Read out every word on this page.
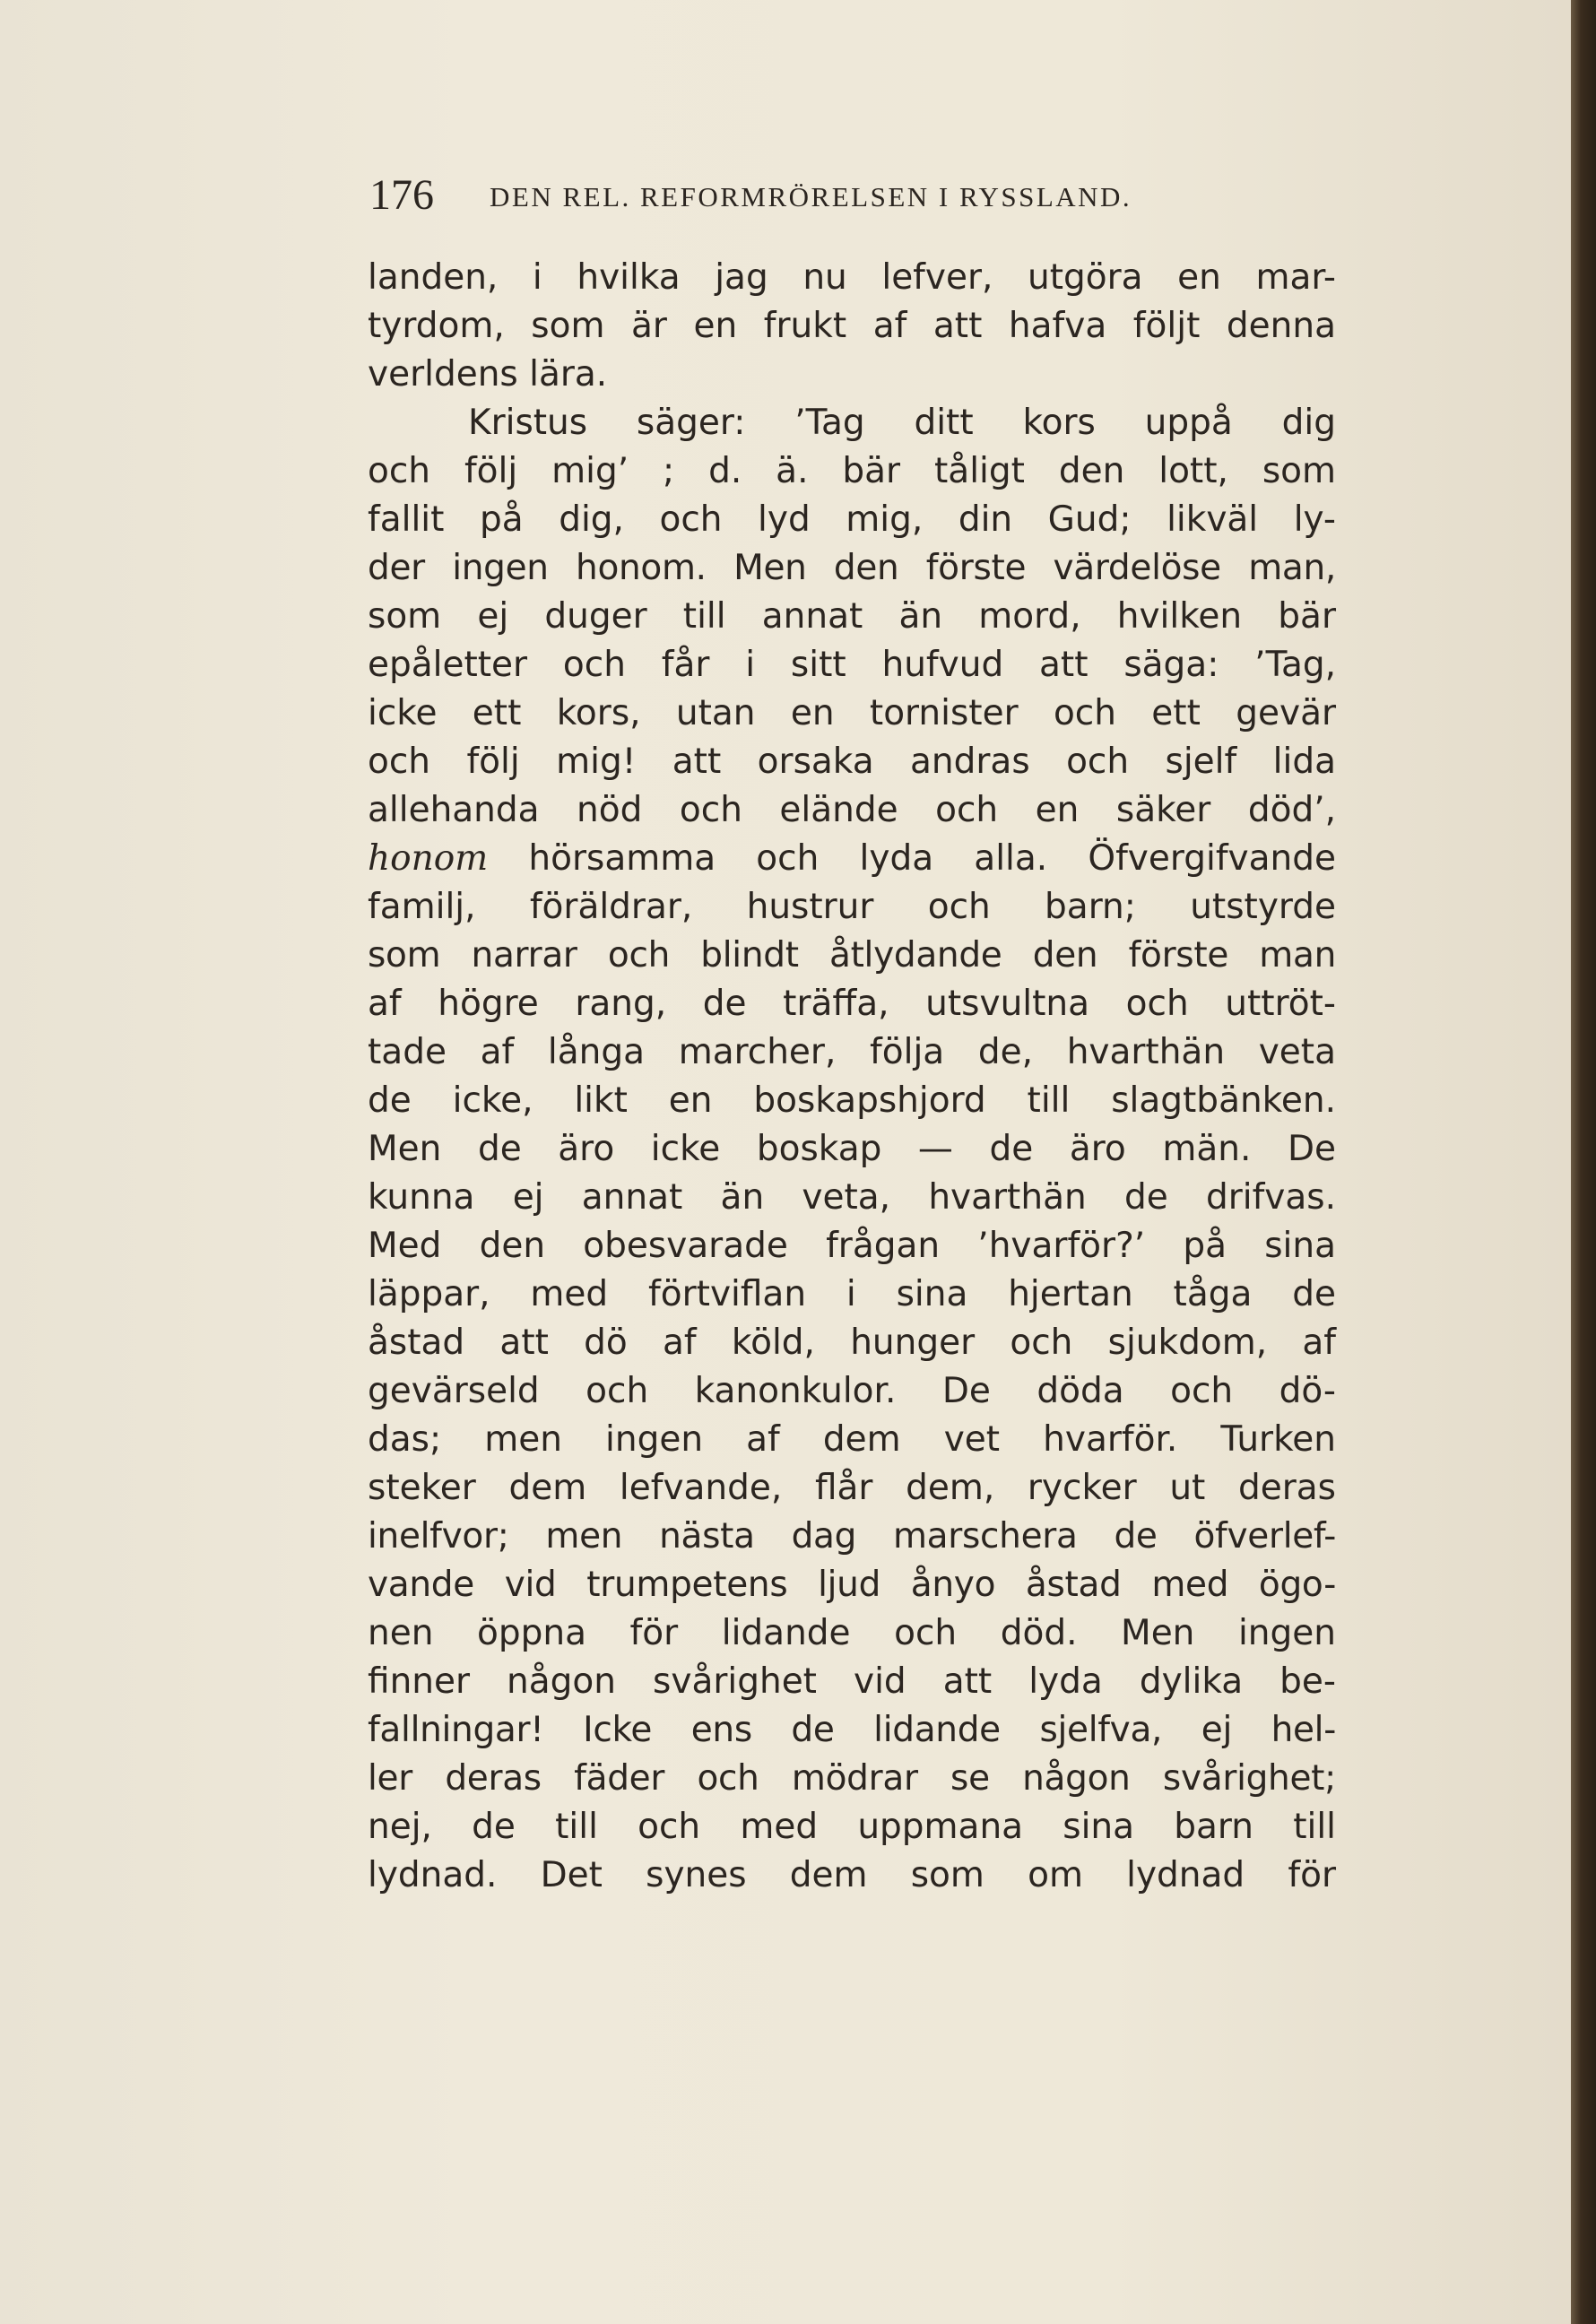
176 DEN REL. REFORMRÖRELSEN I RYSSLAND.
landen, i hvilka jag nu lefver, utgöra en mar-
tyrdom, som är en frukt af att hafva följt denna
verldens lära.
Kristus säger: ’Tag ditt kors uppå dig
och följ mig’ ; d. ä. bär tåligt den lott, som
fallit på dig, och lyd mig, din Gud; likväl ly-
der ingen honom. Men den förste värdelöse man,
som ej duger till annat än mord, hvilken bär
epåletter och får i sitt hufvud att säga: ’Tag,
icke ett kors, utan en tornister och ett gevär
och följ mig! att orsaka andras och sjelf lida
allehanda nöd och elände och en säker död’,
honom hörsamma och lyda alla. Öfvergifvande
familj, föräldrar, hustrur och barn; utstyrde
som narrar och blindt åtlydande den förste man
af högre rang, de träffa, utsvultna och uttröt-
tade af långa marcher, följa de, hvarthän veta
de icke, likt en boskapshjord till slagtbänken.
Men de äro icke boskap — de äro män. De
kunna ej annat än veta, hvarthän de drifvas.
Med den obesvarade frågan ’hvarför?’ på sina
läppar, med förtviflan i sina hjertan tåga de
åstad att dö af köld, hunger och sjukdom, af
gevärseld och kanonkulor. De döda och dö-
das; men ingen af dem vet hvarför. Turken
steker dem lefvande, flår dem, rycker ut deras
inelfvor; men nästa dag marschera de öfverlef-
vande vid trumpetens ljud ånyo åstad med ögo-
nen öppna för lidande och död. Men ingen
finner någon svårighet vid att lyda dylika be-
fallningar! Icke ens de lidande sjelfva, ej hel-
ler deras fäder och mödrar se någon svårighet;
nej, de till och med uppmana sina barn till
lydnad. Det synes dem som om lydnad för
